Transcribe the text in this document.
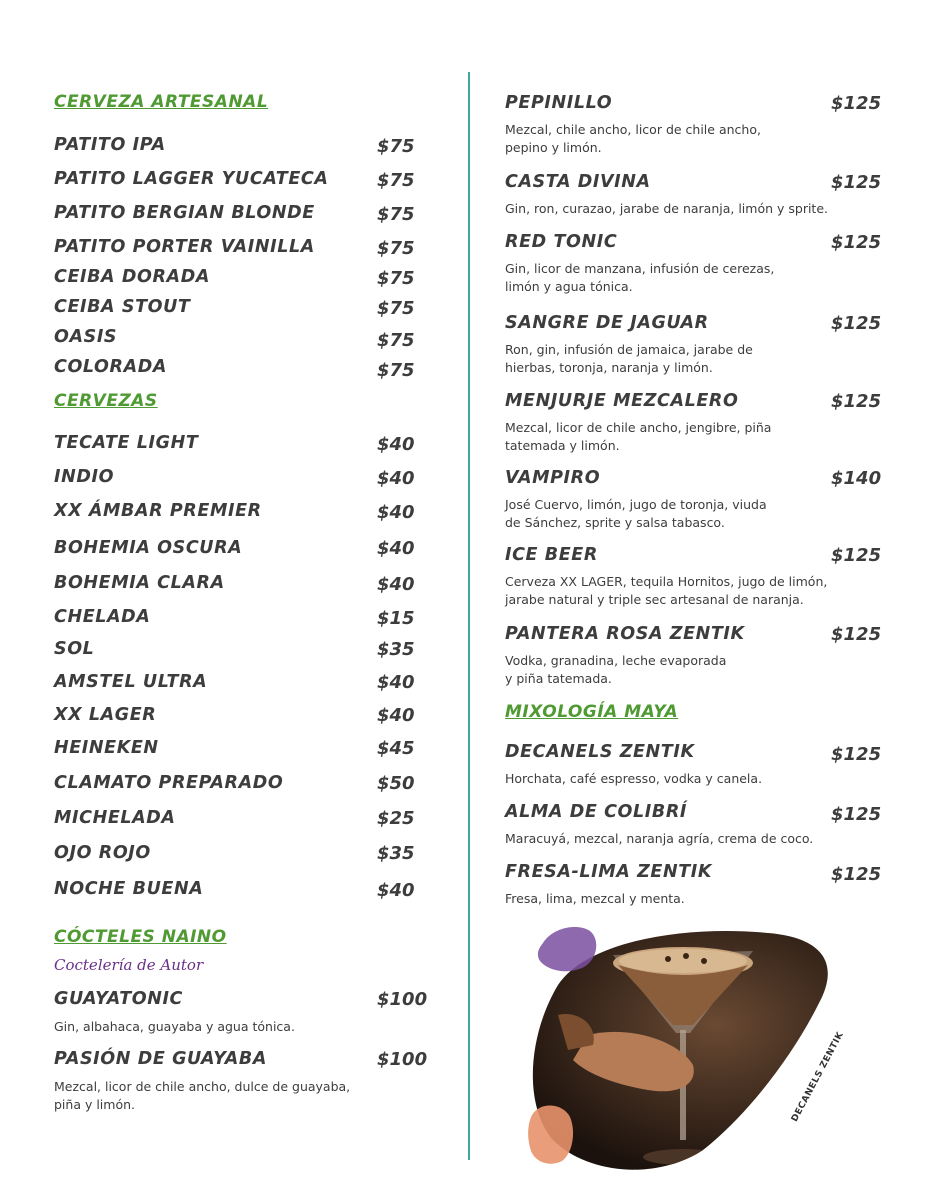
CERVEZA ARTESANAL
PATITO IPA	$75
PATITO LAGGER YUCATECA	$75
PATITO BERGIAN BLONDE	$75
PATITO PORTER VAINILLA	$75
CEIBA DORADA	$75
CEIBA STOUT	$75
OASIS	$75
COLORADA	$75
CERVEZAS
TECATE LIGHT	$40
INDIO	$40
XX ÁMBAR PREMIER	$40
BOHEMIA OSCURA	$40
BOHEMIA CLARA	$40
CHELADA	$15
SOL	$35
AMSTEL ULTRA	$40
XX LAGER	$40
HEINEKEN	$45
CLAMATO PREPARADO	$50
MICHELADA	$25
OJO ROJO	$35
NOCHE BUENA	$40
CÓCTELES NAINO
Coctelería de Autor
GUAYATONIC	$100
Gin, albahaca, guayaba y agua tónica.
PASIÓN DE GUAYABA	$100
Mezcal, licor de chile ancho, dulce de guayaba,
piña y limón.
PEPINILLO	$125
Mezcal, chile ancho, licor de chile ancho,
pepino y limón.
CASTA DIVINA	$125
Gin, ron, curazao, jarabe de naranja, limón y sprite.
RED TONIC	$125
Gin, licor de manzana, infusión de cerezas,
limón y agua tónica.
SANGRE DE JAGUAR	$125
Ron, gin, infusión de jamaica, jarabe de
hierbas, toronja, naranja y limón.
MENJURJE MEZCALERO	$125
Mezcal, licor de chile ancho, jengibre, piña
tatemada y limón.
VAMPIRO	$140
José Cuervo, limón, jugo de toronja, viuda
de Sánchez, sprite y salsa tabasco.
ICE BEER	$125
Cerveza XX LAGER, tequila Hornitos, jugo de limón,
jarabe natural y triple sec artesanal de naranja.
PANTERA ROSA ZENTIK	$125
Vodka, granadina, leche evaporada
y piña tatemada.
MIXOLOGÍA MAYA
DECANELS ZENTIK	$125
Horchata, café espresso, vodka y canela.
ALMA DE COLIBRÍ	$125
Maracuyá, mezcal, naranja agría, crema de coco.
FRESA-LIMA ZENTIK	$125
Fresa, lima, mezcal y menta.
DECANELS ZENTIK
